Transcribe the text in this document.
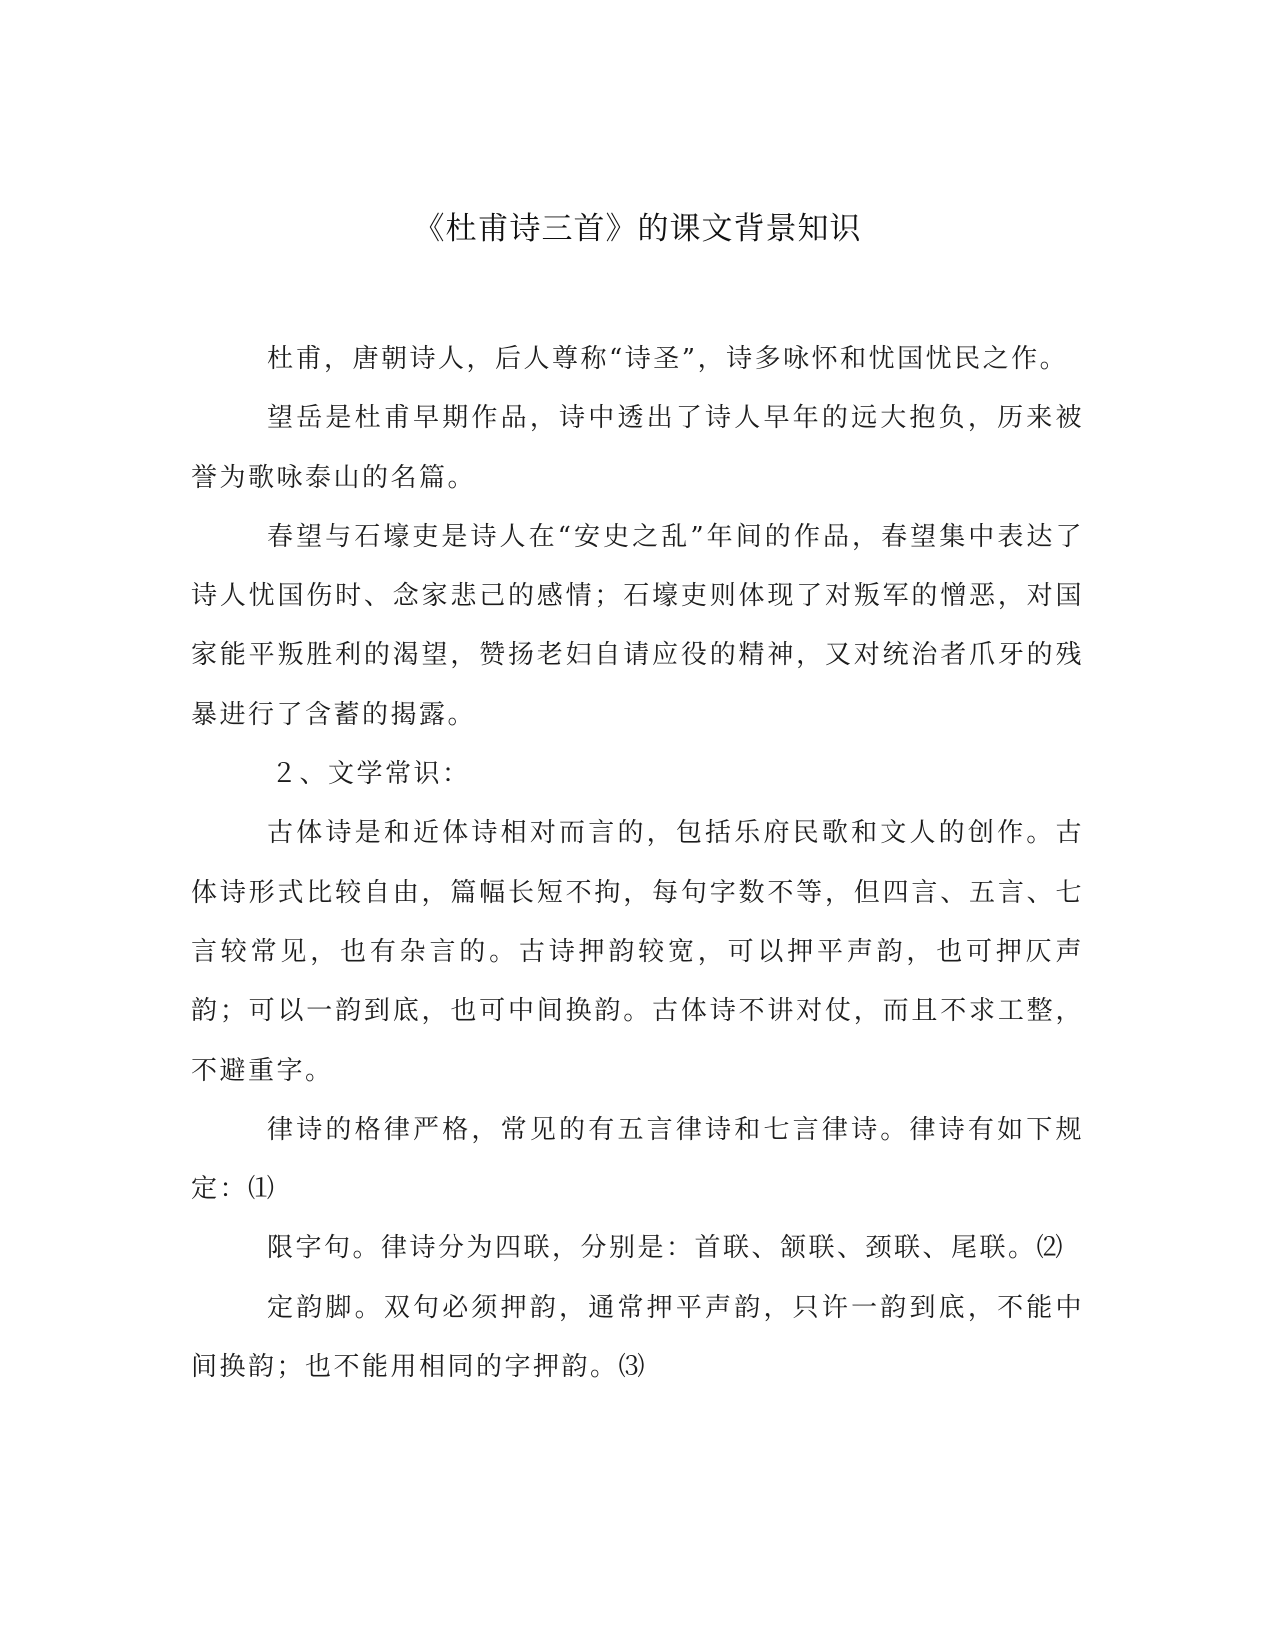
《杜甫诗三首》的课文背景知识

杜甫，唐朝诗人，后人尊称“诗圣”，诗多咏怀和忧国忧民之作。

望岳是杜甫早期作品，诗中透出了诗人早年的远大抱负，历来被誉为歌咏泰山的名篇。

春望与石壕吏是诗人在“安史之乱”年间的作品，春望集中表达了诗人忧国伤时、念家悲己的感情；石壕吏则体现了对叛军的憎恶，对国家能平叛胜利的渴望，赞扬老妇自请应役的精神，又对统治者爪牙的残暴进行了含蓄的揭露。

２、文学常识：

古体诗是和近体诗相对而言的，包括乐府民歌和文人的创作。古体诗形式比较自由，篇幅长短不拘，每句字数不等，但四言、五言、七言较常见，也有杂言的。古诗押韵较宽，可以押平声韵，也可押仄声韵；可以一韵到底，也可中间换韵。古体诗不讲对仗，而且不求工整，不避重字。

律诗的格律严格，常见的有五言律诗和七言律诗。律诗有如下规定：⑴

限字句。律诗分为四联，分别是：首联、颔联、颈联、尾联。⑵

定韵脚。双句必须押韵，通常押平声韵，只许一韵到底，不能中间换韵；也不能用相同的字押韵。⑶
